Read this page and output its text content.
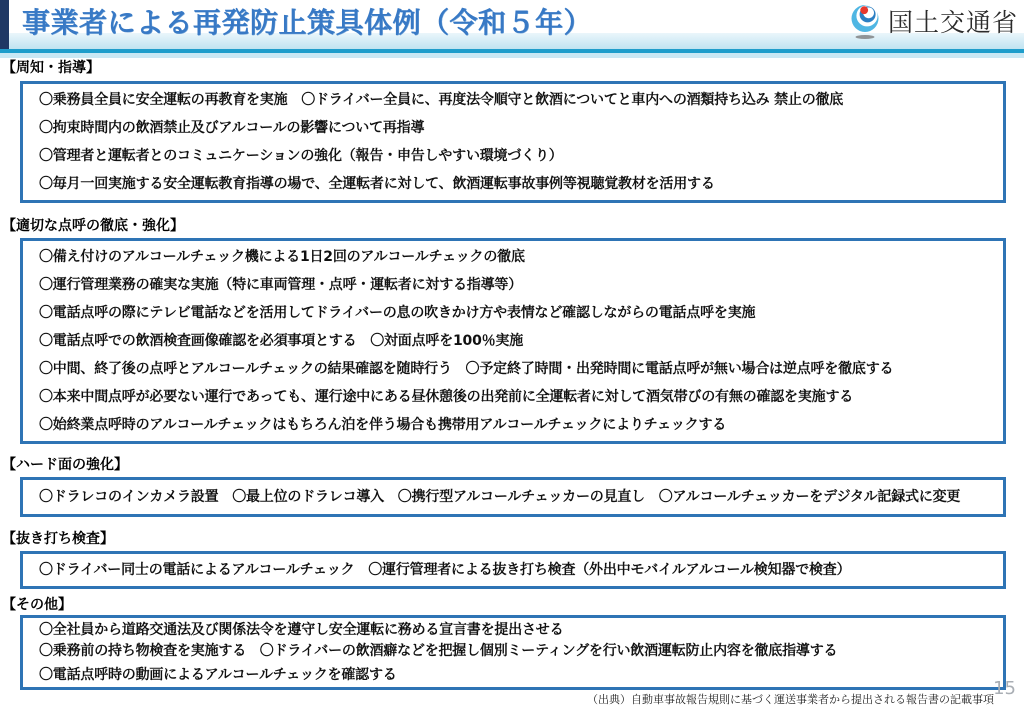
事業者による再発防止策具体例（令和５年）	国土交通省
【周知・指導】

〇乗務員全員に安全運転の再教育を実施　〇ドライバー全員に、再度法令順守と飲酒についてと車内への酒類持ち込み 禁止の徹底

〇拘束時間内の飲酒禁止及びアルコールの影響について再指導

〇管理者と運転者とのコミュニケーションの強化（報告・申告しやすい環境づくり）

〇毎月一回実施する安全運転教育指導の場で、全運転者に対して、飲酒運転事故事例等視聴覚教材を活用する

【適切な点呼の徹底・強化】

〇備え付けのアルコールチェック機による1日2回のアルコールチェックの徹底

〇運行管理業務の確実な実施（特に車両管理・点呼・運転者に対する指導等）

〇電話点呼の際にテレビ電話などを活用してドライバーの息の吹きかけ方や表情など確認しながらの電話点呼を実施

〇電話点呼での飲酒検査画像確認を必須事項とする　〇対面点呼を100％実施

〇中間、終了後の点呼とアルコールチェックの結果確認を随時行う　〇予定終了時間・出発時間に電話点呼が無い場合は逆点呼を徹底する

〇本来中間点呼が必要ない運行であっても、運行途中にある昼休憩後の出発前に全運転者に対して酒気帯びの有無の確認を実施する

〇始終業点呼時のアルコールチェックはもちろん泊を伴う場合も携帯用アルコールチェックによりチェックする

【ハード面の強化】

〇ドラレコのインカメラ設置　〇最上位のドラレコ導入　〇携行型アルコールチェッカーの見直し　〇アルコールチェッカーをデジタル記録式に変更

【抜き打ち検査】

〇ドライバー同士の電話によるアルコールチェック　〇運行管理者による抜き打ち検査（外出中モバイルアルコール検知器で検査）

【その他】

〇全社員から道路交通法及び関係法令を遵守し安全運転に務める宣言書を提出させる

〇乗務前の持ち物検査を実施する　〇ドライバーの飲酒癖などを把握し個別ミーティングを行い飲酒運転防止内容を徹底指導する

〇電話点呼時の動画によるアルコールチェックを確認する

（出典）自動車事故報告規則に基づく運送事業者から提出される報告書の記載事項
15
